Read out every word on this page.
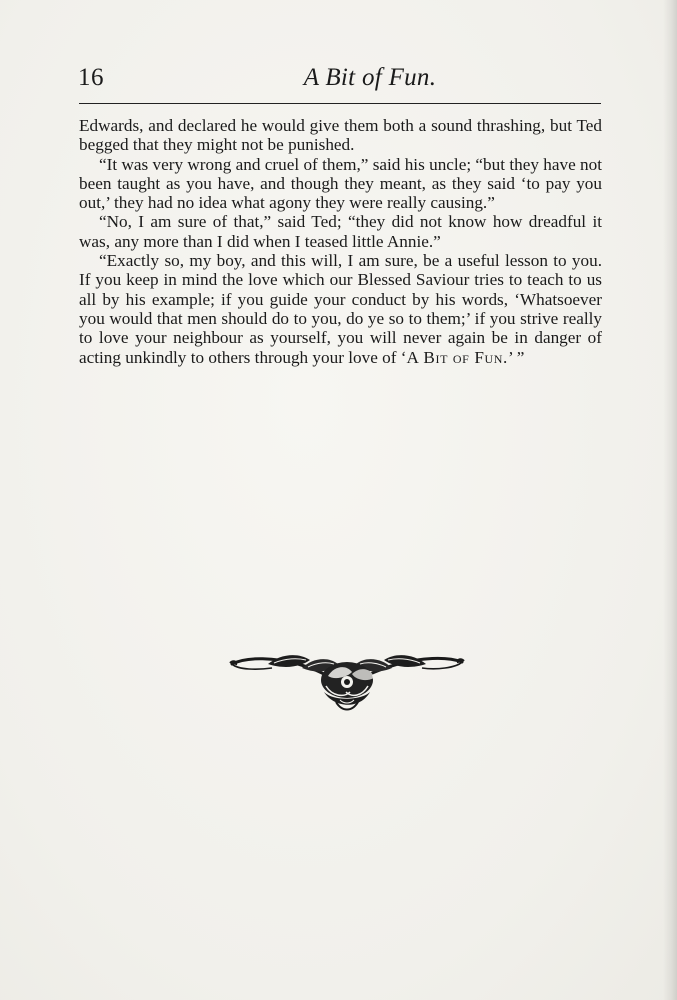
16	A Bit of Fun.

Edwards, and declared he would give them both a sound thrashing, but Ted begged that they might not be punished.

“It was very wrong and cruel of them,” said his uncle; “but they have not been taught as you have, and though they meant, as they said ‘to pay you out,’ they had no idea what agony they were really causing.”

“No, I am sure of that,” said Ted; “they did not know how dreadful it was, any more than I did when I teased little Annie.”

“Exactly so, my boy, and this will, I am sure, be a useful lesson to you. If you keep in mind the love which our Blessed Saviour tries to teach to us all by his example; if you guide your conduct by his words, ‘Whatsoever you would that men should do to you, do ye so to them;’ if you strive really to love your neighbour as yourself, you will never again be in danger of acting unkindly to others through your love of ‘A Bit of Fun.’ ”
